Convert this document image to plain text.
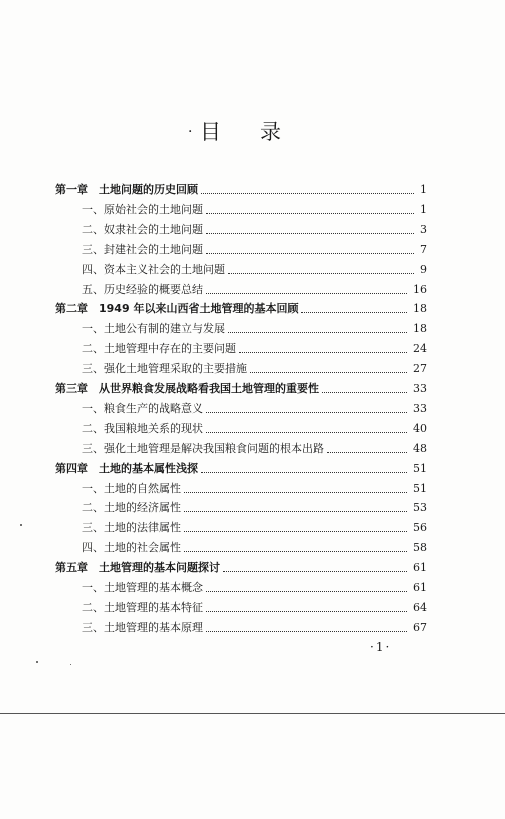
· 目 录
第一章　土地问题的历史回顾	1
一、原始社会的土地问题	1
二、奴隶社会的土地问题	3
三、封建社会的土地问题	7
四、资本主义社会的土地问题	9
五、历史经验的概要总结	16
第二章　1949 年以来山西省土地管理的基本回顾	18
一、土地公有制的建立与发展	18
二、土地管理中存在的主要问题	24
三、强化土地管理采取的主要措施	27
第三章　从世界粮食发展战略看我国土地管理的重要性	33
一、粮食生产的战略意义	33
二、我国粮地关系的现状	40
三、强化土地管理是解决我国粮食问题的根本出路	48
第四章　土地的基本属性浅探	51
一、土地的自然属性	51
二、土地的经济属性	53
三、土地的法律属性	56
四、土地的社会属性	58
第五章　土地管理的基本问题探讨	61
一、土地管理的基本概念	61
二、土地管理的基本特征	64
三、土地管理的基本原理	67
·1·
